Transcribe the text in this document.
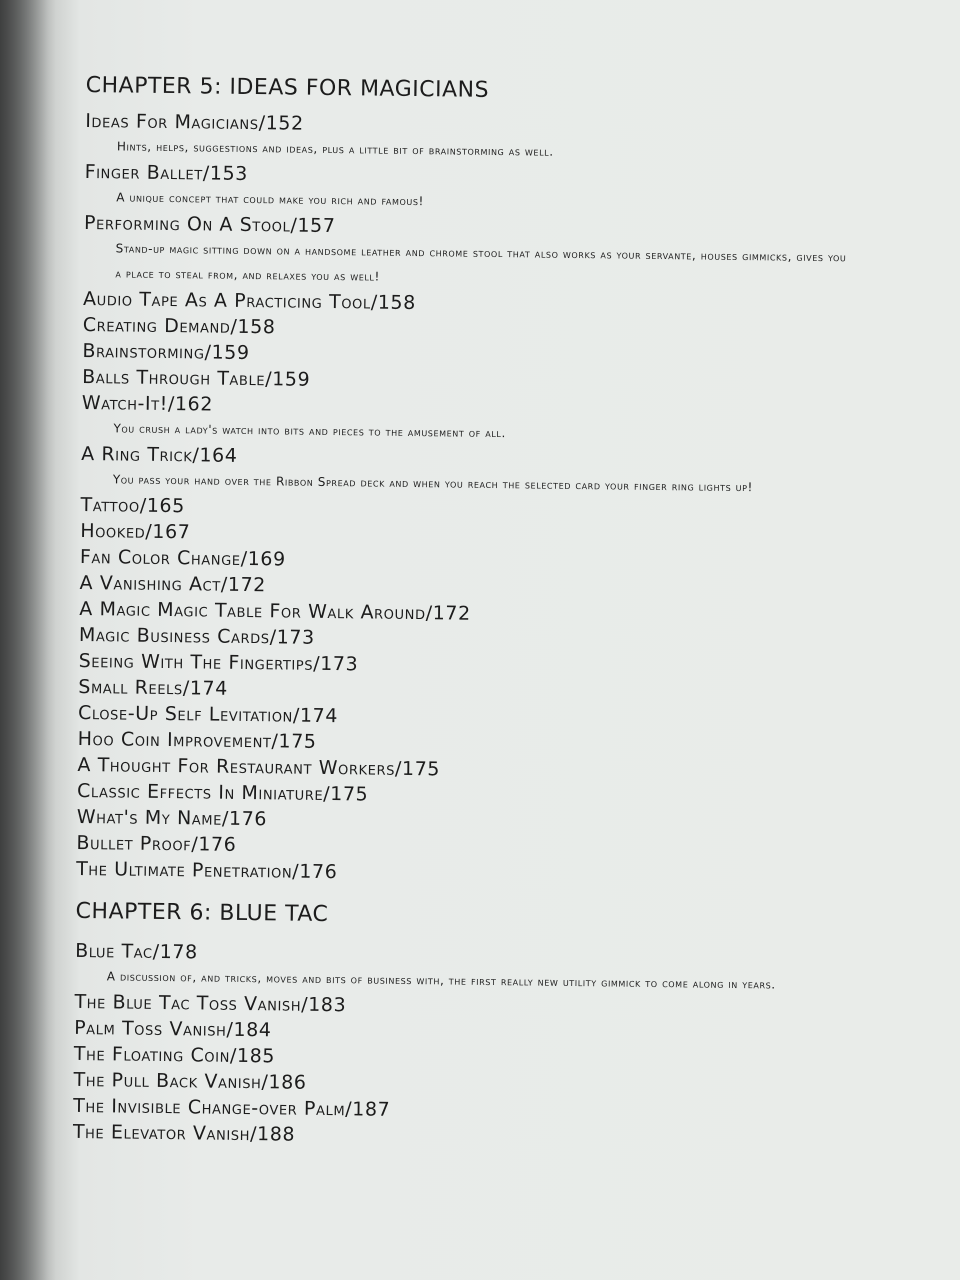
CHAPTER 5: IDEAS FOR MAGICIANS
Ideas For Magicians/152
Hints, helps, suggestions and ideas, plus a little bit of brainstorming as well.
Finger Ballet/153
A unique concept that could make you rich and famous!
Performing On A Stool/157
Stand-up magic sitting down on a handsome leather and chrome stool that also works as your servante, houses gimmicks, gives you a place to steal from, and relaxes you as well!
Audio Tape As A Practicing Tool/158
Creating Demand/158
Brainstorming/159
Balls Through Table/159
Watch-It!/162
You crush a lady's watch into bits and pieces to the amusement of all.
A Ring Trick/164
You pass your hand over the Ribbon Spread deck and when you reach the selected card your finger ring lights up!
Tattoo/165
Hooked/167
Fan Color Change/169
A Vanishing Act/172
A Magic Magic Table For Walk Around/172
Magic Business Cards/173
Seeing With The Fingertips/173
Small Reels/174
Close-Up Self Levitation/174
Hoo Coin Improvement/175
A Thought For Restaurant Workers/175
Classic Effects In Miniature/175
What's My Name/176
Bullet Proof/176
The Ultimate Penetration/176
CHAPTER 6: BLUE TAC
Blue Tac/178
A discussion of, and tricks, moves and bits of business with, the first really new utility gimmick to come along in years.
The Blue Tac Toss Vanish/183
Palm Toss Vanish/184
The Floating Coin/185
The Pull Back Vanish/186
The Invisible Change-over Palm/187
The Elevator Vanish/188
